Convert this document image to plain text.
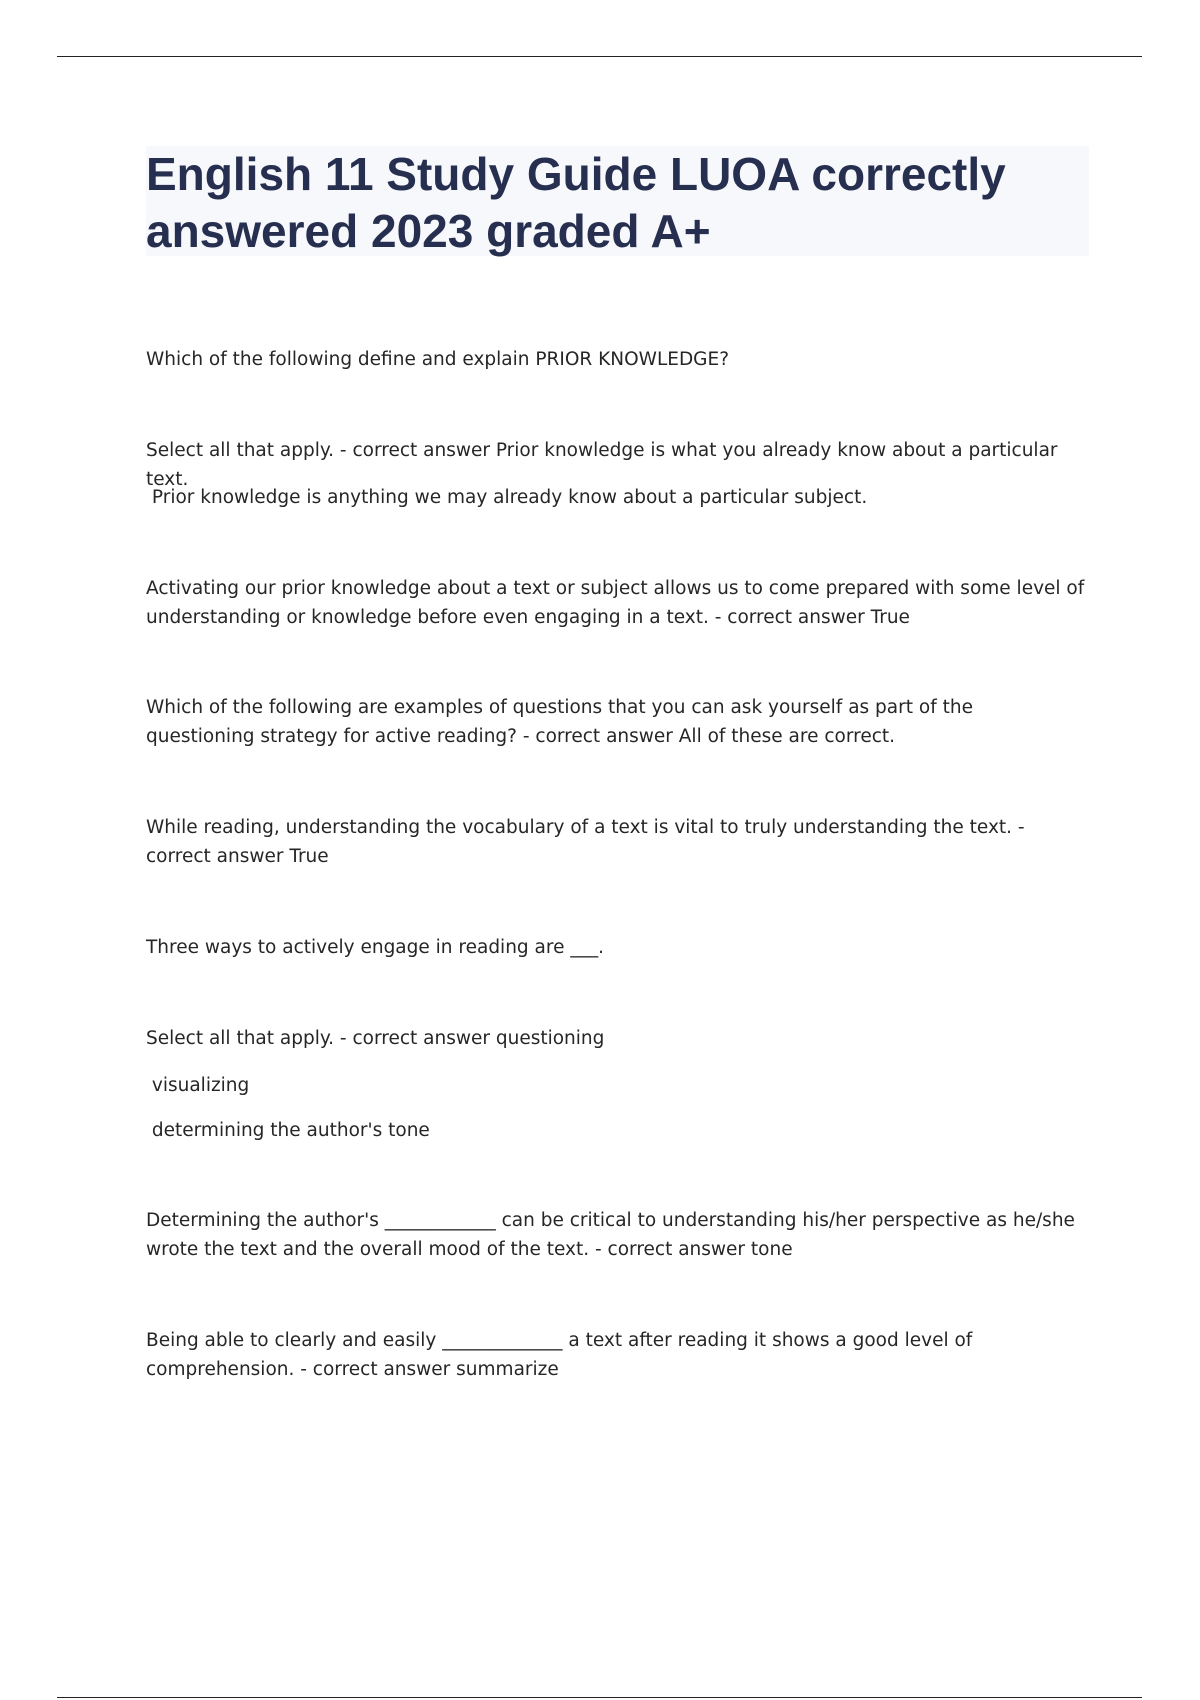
English 11 Study Guide LUOA correctly answered 2023 graded A+

Which of the following define and explain PRIOR KNOWLEDGE?

Select all that apply. - correct answer Prior knowledge is what you already know about a particular text.

Prior knowledge is anything we may already know about a particular subject.

Activating our prior knowledge about a text or subject allows us to come prepared with some level of understanding or knowledge before even engaging in a text. - correct answer True

Which of the following are examples of questions that you can ask yourself as part of the questioning strategy for active reading? - correct answer All of these are correct.

While reading, understanding the vocabulary of a text is vital to truly understanding the text. - correct answer True

Three ways to actively engage in reading are ___.

Select all that apply. - correct answer questioning

visualizing

determining the author's tone

Determining the author's ____________ can be critical to understanding his/her perspective as he/she wrote the text and the overall mood of the text. - correct answer tone

Being able to clearly and easily _____________ a text after reading it shows a good level of comprehension. - correct answer summarize
